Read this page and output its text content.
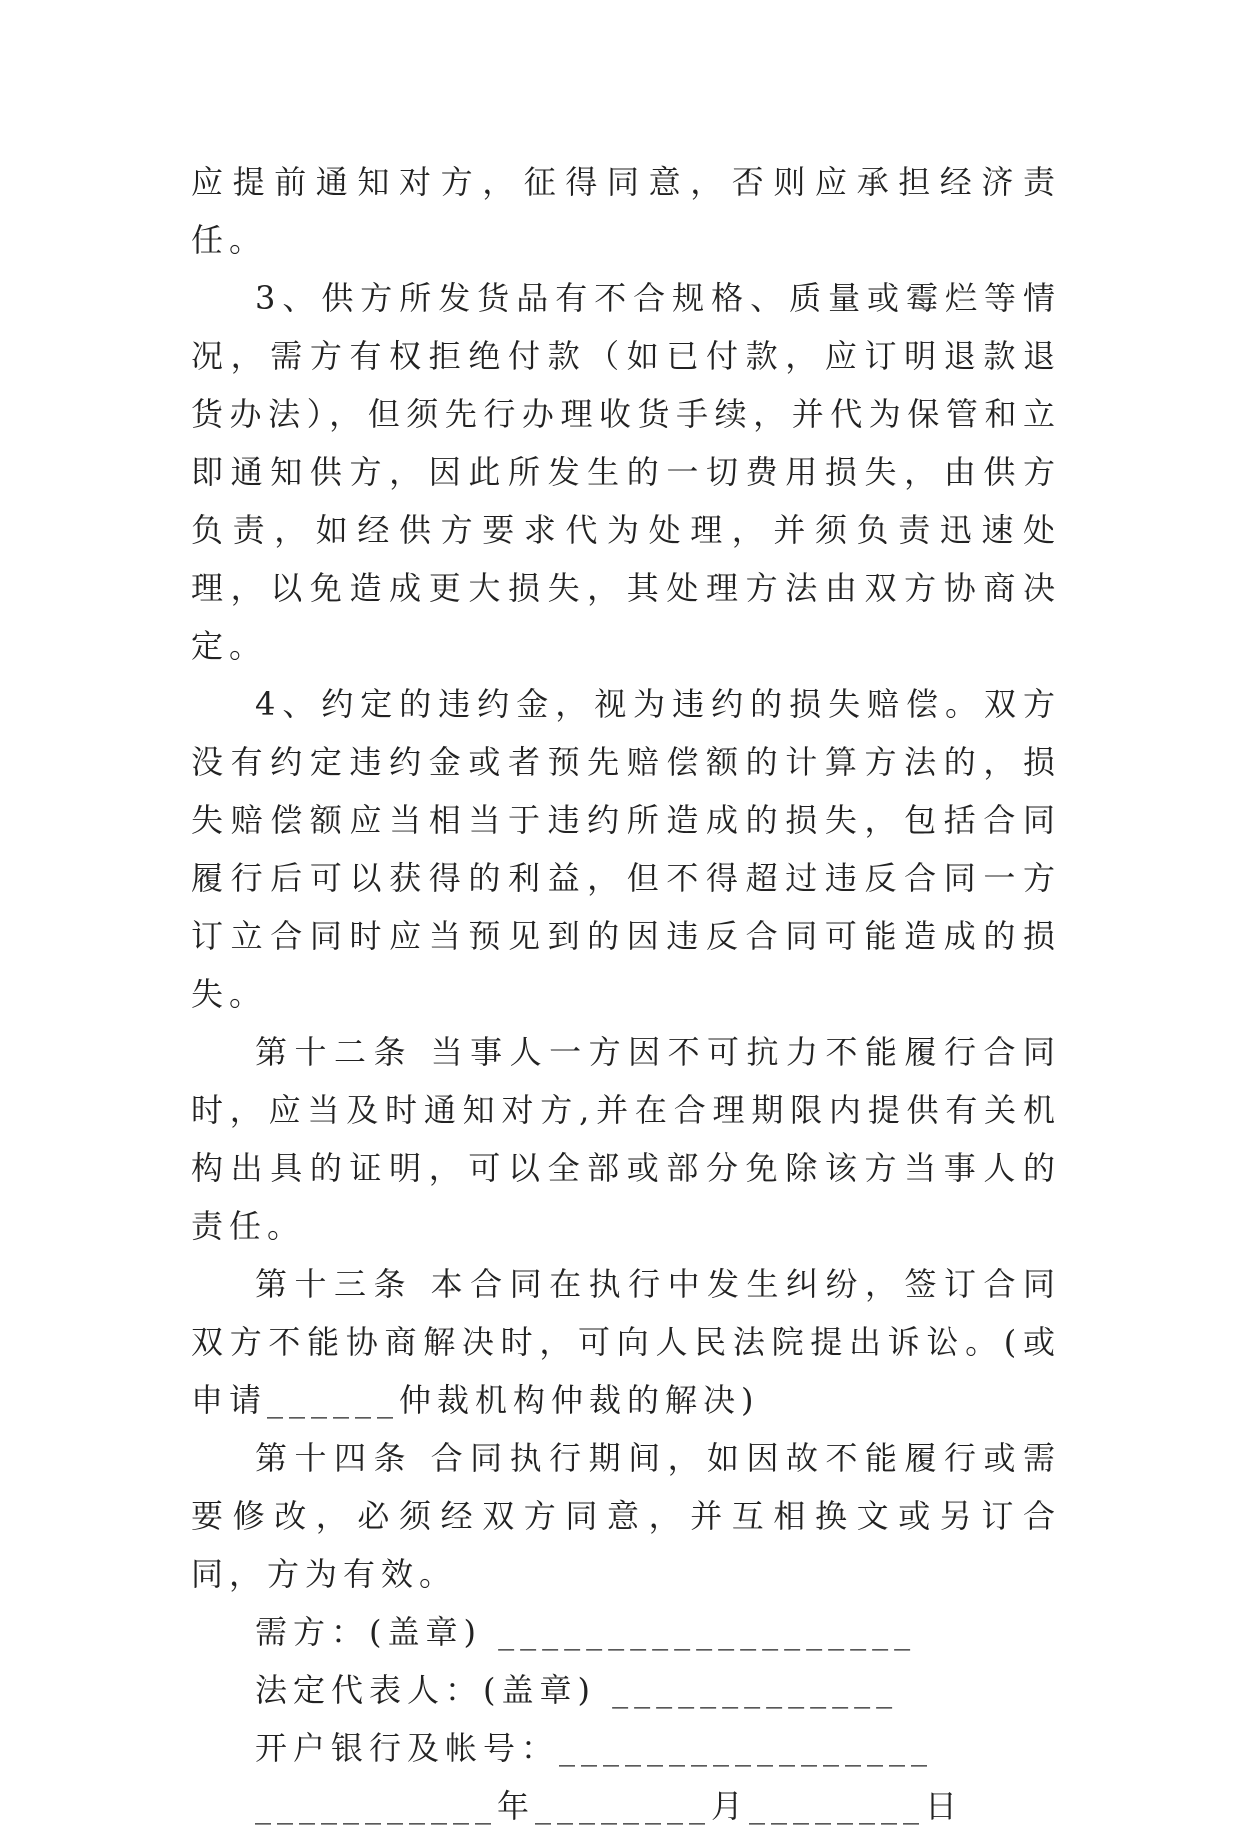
应提前通知对方，征得同意，否则应承担经济责任。

3、供方所发货品有不合规格、质量或霉烂等情况，需方有权拒绝付款（如已付款，应订明退款退货办法），但须先行办理收货手续，并代为保管和立即通知供方，因此所发生的一切费用损失，由供方负责，如经供方要求代为处理，并须负责迅速处理，以免造成更大损失，其处理方法由双方协商决定。

4、约定的违约金，视为违约的损失赔偿。双方没有约定违约金或者预先赔偿额的计算方法的，损失赔偿额应当相当于违约所造成的损失，包括合同履行后可以获得的利益，但不得超过违反合同一方订立合同时应当预见到的因违反合同可能造成的损失。

第十二条 当事人一方因不可抗力不能履行合同时，应当及时通知对方,并在合理期限内提供有关机构出具的证明，可以全部或部分免除该方当事人的责任。

第十三条 本合同在执行中发生纠纷，签订合同双方不能协商解决时，可向人民法院提出诉讼。(或申请______仲裁机构仲裁的解决)

第十四条 合同执行期间，如因故不能履行或需要修改，必须经双方同意，并互相换文或另订合同，方为有效。

需方：(盖章) ___________________

法定代表人：(盖章) _____________

开户银行及帐号：_________________

___________年________月________日
